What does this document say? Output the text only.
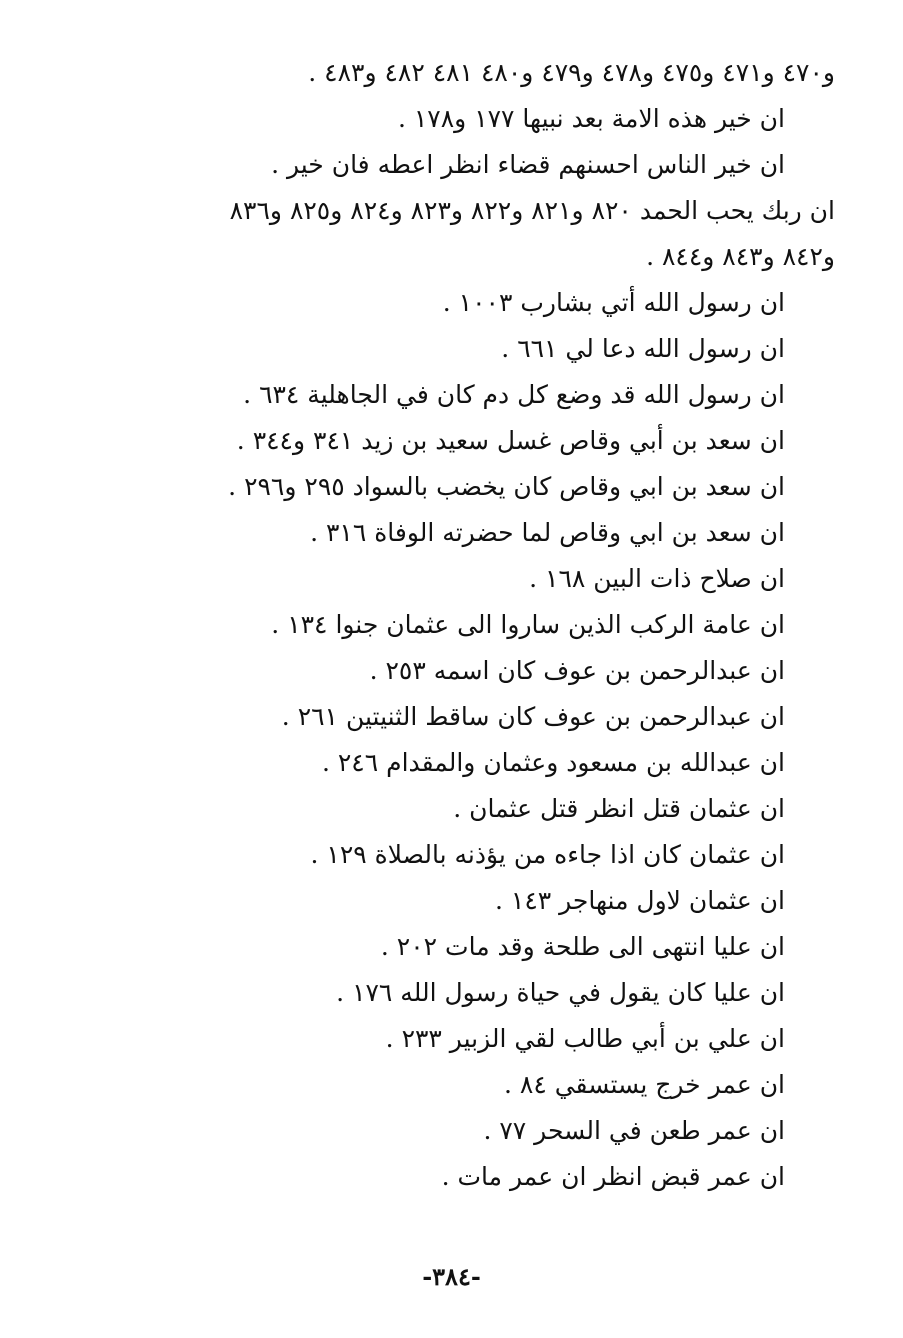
و٤٧٠ و٤٧١ و٤٧٥ و٤٧٨ و٤٧٩ و٤٨٠ ٤٨١ ٤٨٢ و٤٨٣ .
ان خير هذه الامة بعد نبيها ١٧٧ و١٧٨ .
ان خير الناس احسنهم قضاء انظر اعطه فان خير .
ان ربك يحب الحمد ٨٢٠ و٨٢١ و٨٢٢ و٨٢٣ و٨٢٤ و٨٢٥ و٨٣٦
و٨٤٢ و٨٤٣ و٨٤٤ .
ان رسول الله أتي بشارب ١٠٠٣ .
ان رسول الله دعا لي ٦٦١ .
ان رسول الله قد وضع كل دم كان في الجاهلية ٦٣٤ .
ان سعد بن أبي وقاص غسل سعيد بن زيد ٣٤١ و٣٤٤ .
ان سعد بن ابي وقاص كان يخضب بالسواد ٢٩٥ و٢٩٦ .
ان سعد بن ابي وقاص لما حضرته الوفاة ٣١٦ .
ان صلاح ذات البين ١٦٨ .
ان عامة الركب الذين ساروا الى عثمان جنوا ١٣٤ .
ان عبدالرحمن بن عوف كان اسمه ٢٥٣ .
ان عبدالرحمن بن عوف كان ساقط الثنيتين ٢٦١ .
ان عبدالله بن مسعود وعثمان والمقدام ٢٤٦ .
ان عثمان قتل انظر قتل عثمان .
ان عثمان كان اذا جاءه من يؤذنه بالصلاة ١٢٩ .
ان عثمان لاول منهاجر ١٤٣ .
ان عليا انتهى الى طلحة وقد مات ٢٠٢ .
ان عليا كان يقول في حياة رسول الله ١٧٦ .
ان علي بن أبي طالب لقي الزبير ٢٣٣ .
ان عمر خرج يستسقي ٨٤ .
ان عمر طعن في السحر ٧٧ .
ان عمر قبض انظر ان عمر مات .
-٣٨٤-
